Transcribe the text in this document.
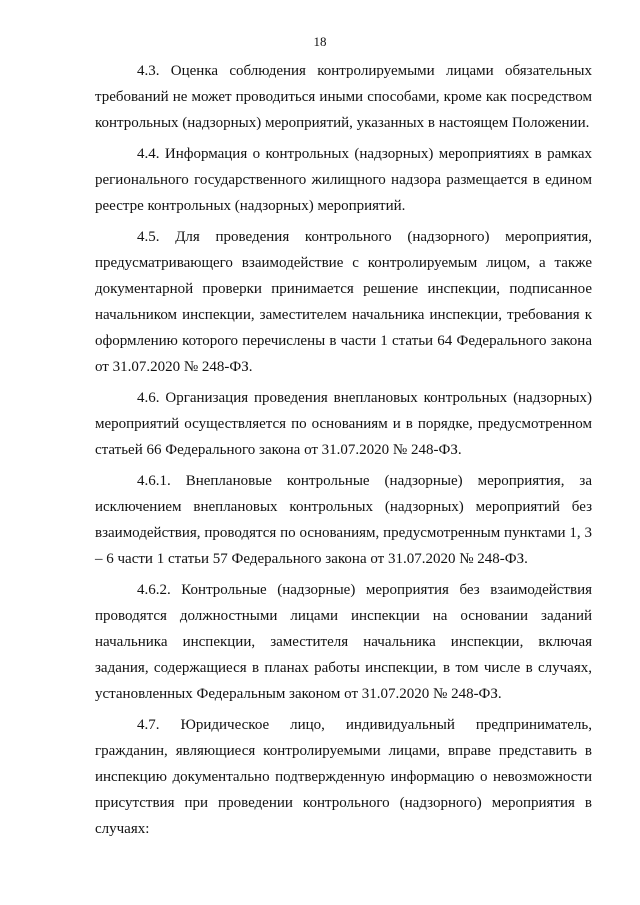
18

4.3. Оценка соблюдения контролируемыми лицами обязательных требований не может проводиться иными способами, кроме как посредством контрольных (надзорных) мероприятий, указанных в настоящем Положении.

4.4. Информация о контрольных (надзорных) мероприятиях в рамках регионального государственного жилищного надзора размещается в едином реестре контрольных (надзорных) мероприятий.

4.5. Для проведения контрольного (надзорного) мероприятия, предусматривающего взаимодействие с контролируемым лицом, а также документарной проверки принимается решение инспекции, подписанное начальником инспекции, заместителем начальника инспекции, требования к оформлению которого перечислены в части 1 статьи 64 Федерального закона от 31.07.2020 № 248-ФЗ.

4.6. Организация проведения внеплановых контрольных (надзорных) мероприятий осуществляется по основаниям и в порядке, предусмотренном статьей 66 Федерального закона от 31.07.2020 № 248-ФЗ.

4.6.1. Внеплановые контрольные (надзорные) мероприятия, за исключением внеплановых контрольных (надзорных) мероприятий без взаимодействия, проводятся по основаниям, предусмотренным пунктами 1, 3 – 6 части 1 статьи 57 Федерального закона от 31.07.2020 № 248-ФЗ.

4.6.2. Контрольные (надзорные) мероприятия без взаимодействия проводятся должностными лицами инспекции на основании заданий начальника инспекции, заместителя начальника инспекции, включая задания, содержащиеся в планах работы инспекции, в том числе в случаях, установленных Федеральным законом от 31.07.2020 № 248-ФЗ.

4.7. Юридическое лицо, индивидуальный предприниматель, гражданин, являющиеся контролируемыми лицами, вправе представить в инспекцию документально подтвержденную информацию о невозможности присутствия при проведении контрольного (надзорного) мероприятия в случаях:
